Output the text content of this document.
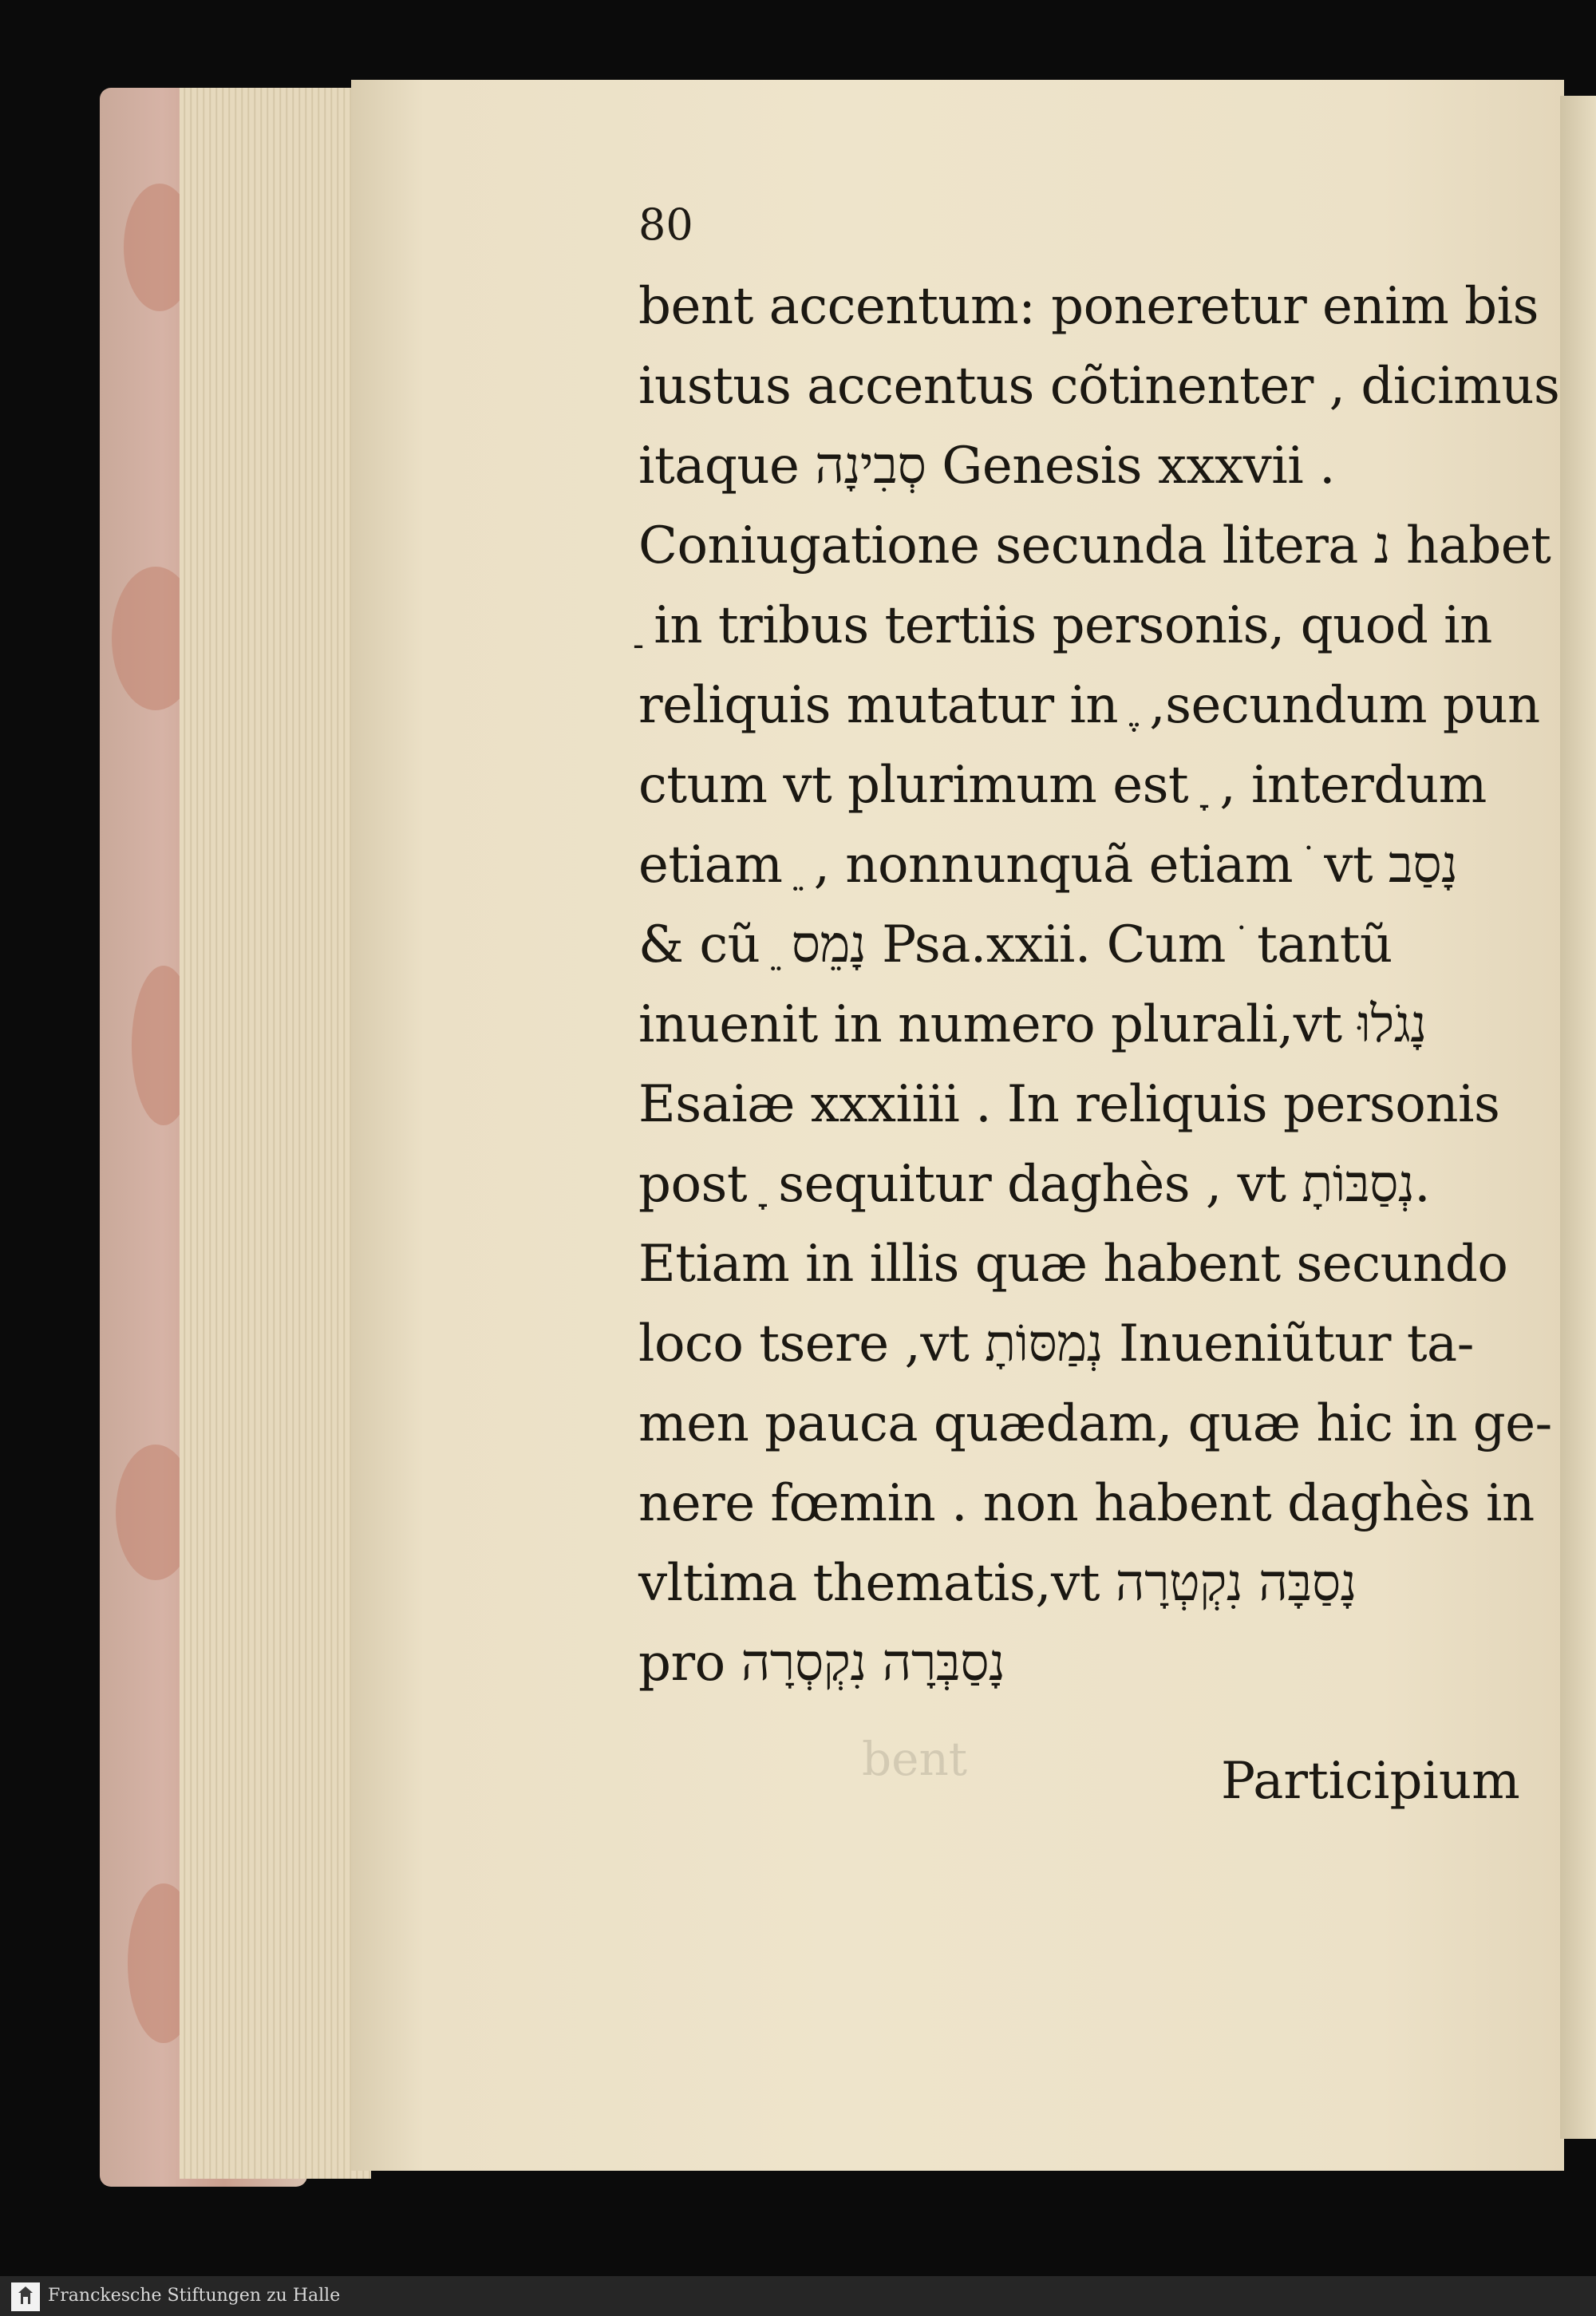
80
bent accentum: poneretur enim bis
iustus accentus cõtinenter , dicimus
itaque סְבִינָה Genesis xxxvii .
Coniugatione secunda litera נ habet
ַ in tribus tertiis personis, quod in
reliquis mutatur in ֶ ,secundum pun
ctum vt plurimum est ָ , interdum
etiam ֵ , nonnunquã etiam ֹ vt נָסַב
& cũ ֵ נָמֵס Psa.xxii. Cum ֹ tantũ
inuenit in numero plurali,vt נָגֹלוּ
Esaiæ xxxiiii . In reliquis personis
post ָ sequitur daghès , vt נְסַבּוֹתָ.
Etiam in illis quæ habent secundo
loco tsere ,vt נְמַסּוֹתָ Inueniũtur ta-
men pauca quædam, quæ hic in ge-
nere fœmin . non habent daghès in
vltima thematis,vt נָסַבָּה נִקְטְרָה
pro נָסַבְּרָה נִקְסְרָה
bent	Participium
Franckesche Stiftungen zu Halle
